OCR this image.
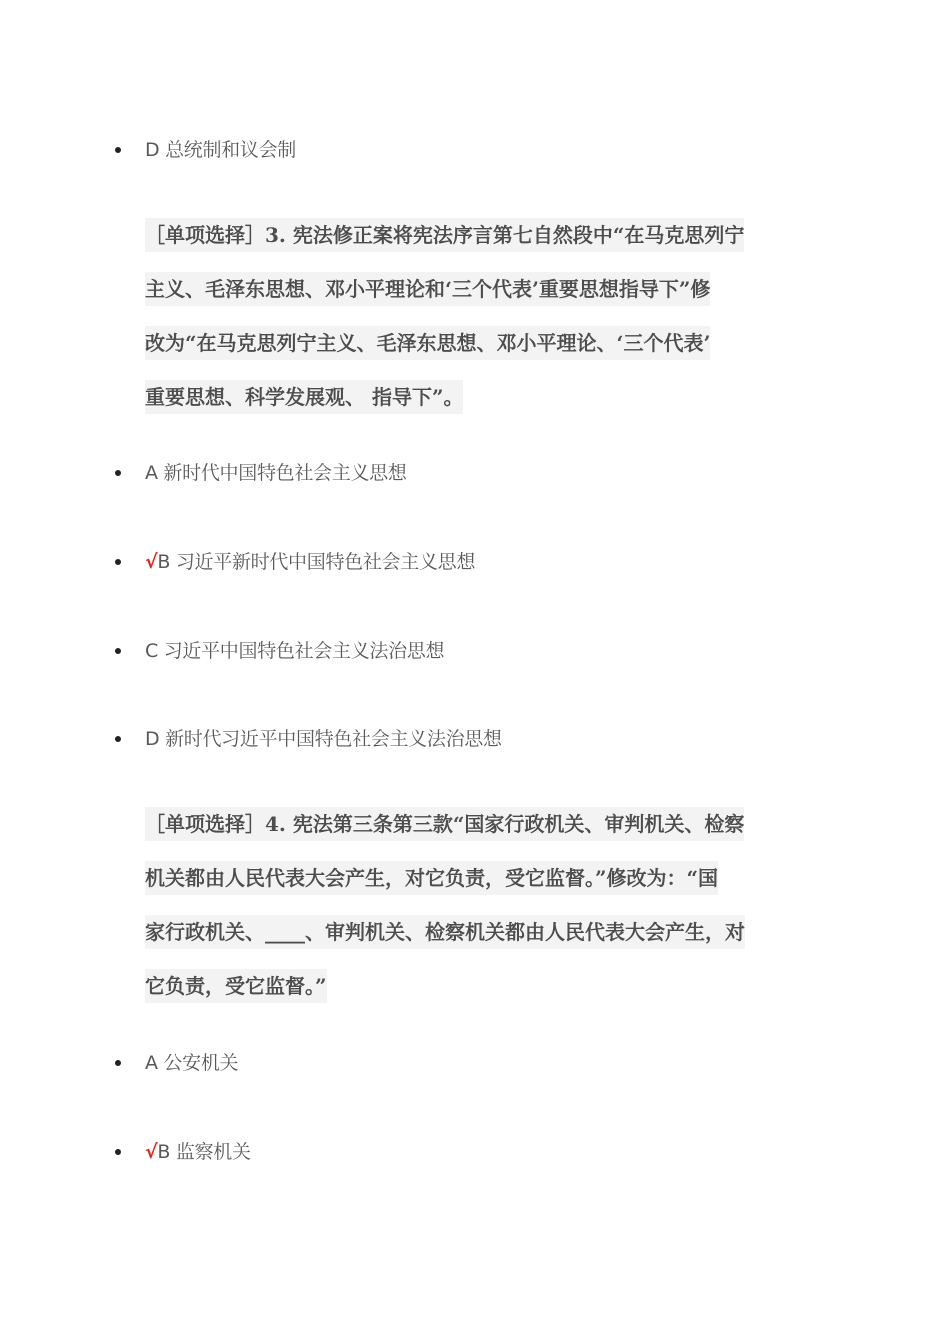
D 总统制和议会制
［单项选择］3. 宪法修正案将宪法序言第七自然段中“在马克思列宁
主义、毛泽东思想、邓小平理论和‘三个代表’重要思想指导下”修
改为“在马克思列宁主义、毛泽东思想、邓小平理论、‘三个代表’
重要思想、科学发展观、 指导下”。
A 新时代中国特色社会主义思想
√B 习近平新时代中国特色社会主义思想
C 习近平中国特色社会主义法治思想
D 新时代习近平中国特色社会主义法治思想
［单项选择］4. 宪法第三条第三款“国家行政机关、审判机关、检察
机关都由人民代表大会产生，对它负责，受它监督。”修改为：“国
家行政机关、____、审判机关、检察机关都由人民代表大会产生，对
它负责，受它监督。”
A 公安机关
√B 监察机关
